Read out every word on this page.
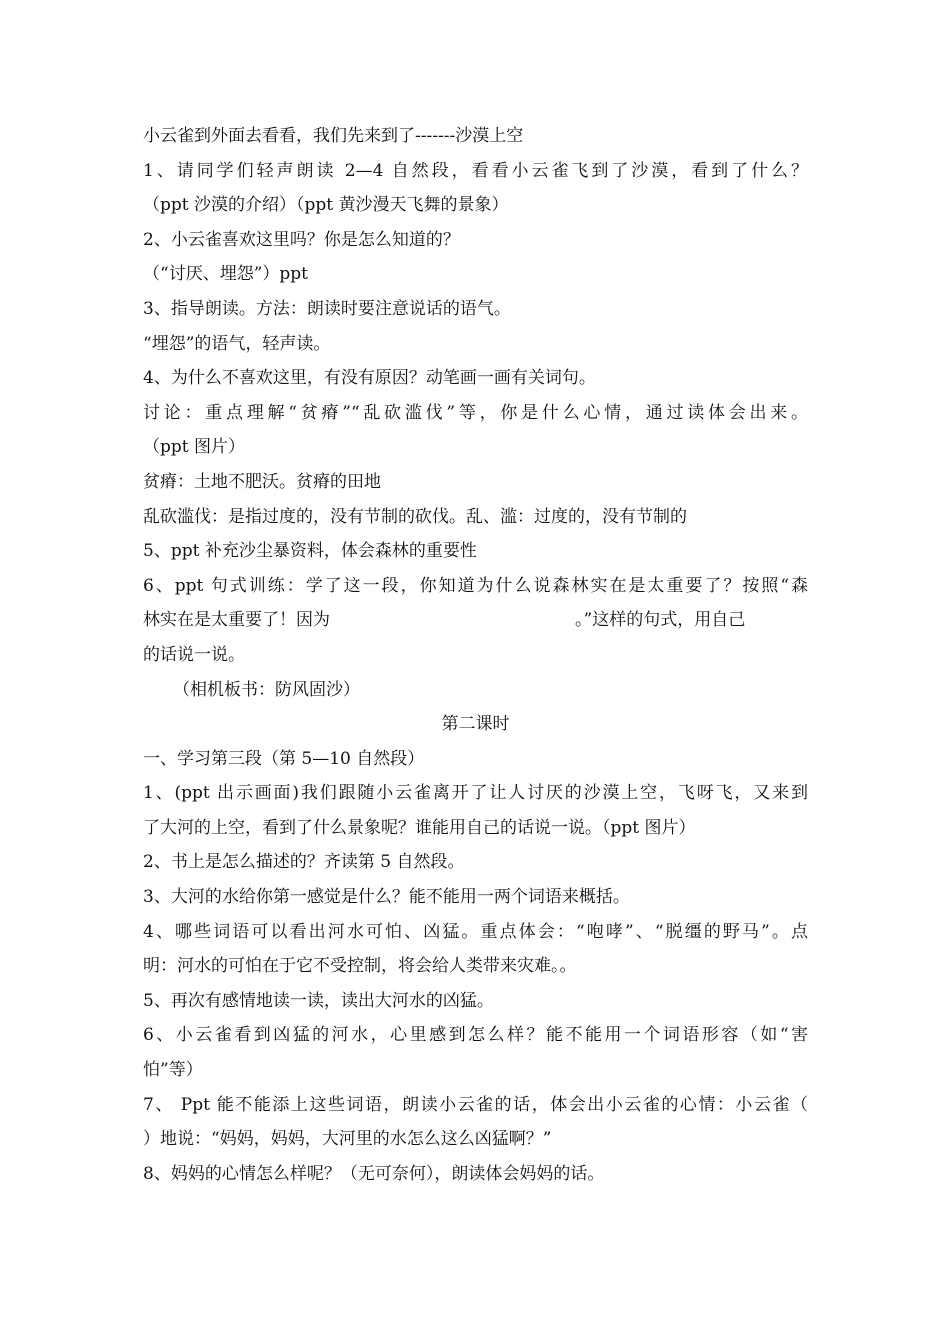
小云雀到外面去看看，我们先来到了-------沙漠上空
1、请同学们轻声朗读 2—4 自然段，看看小云雀飞到了沙漠，看到了什么？
（ppt 沙漠的介绍）（ppt 黄沙漫天飞舞的景象）
2、小云雀喜欢这里吗？你是怎么知道的？
（“讨厌、埋怨”）ppt
3、指导朗读。方法：朗读时要注意说话的语气。
“埋怨”的语气，轻声读。
4、为什么不喜欢这里，有没有原因？动笔画一画有关词句。
讨论：重点理解“贫瘠”“乱砍滥伐”等，你是什么心情，通过读体会出来。
（ppt 图片）
贫瘠：土地不肥沃。贫瘠的田地
乱砍滥伐：是指过度的，没有节制的砍伐。乱、滥：过度的，没有节制的
5、ppt 补充沙尘暴资料，体会森林的重要性
6、ppt 句式训练：学了这一段，你知道为什么说森林实在是太重要了？按照“森
林实在是太重要了！因为	。”这样的句式，用自己
的话说一说。
（相机板书：防风固沙）
第二课时
一、学习第三段（第 5—10 自然段）
1、(ppt 出示画面)我们跟随小云雀离开了让人讨厌的沙漠上空，飞呀飞，又来到
了大河的上空，看到了什么景象呢？谁能用自己的话说一说。（ppt 图片）
2、书上是怎么描述的？齐读第 5 自然段。
3、大河的水给你第一感觉是什么？能不能用一两个词语来概括。
4、哪些词语可以看出河水可怕、凶猛。重点体会：“咆哮”、“脱缰的野马”。点
明：河水的可怕在于它不受控制，将会给人类带来灾难。。
5、再次有感情地读一读，读出大河水的凶猛。
6、小云雀看到凶猛的河水，心里感到怎么样？能不能用一个词语形容（如“害
怕”等）
7、 Ppt 能不能添上这些词语，朗读小云雀的话，体会出小云雀的心情：小云雀（
）地说：“妈妈，妈妈，大河里的水怎么这么凶猛啊？”
8、妈妈的心情怎么样呢？（无可奈何），朗读体会妈妈的话。
